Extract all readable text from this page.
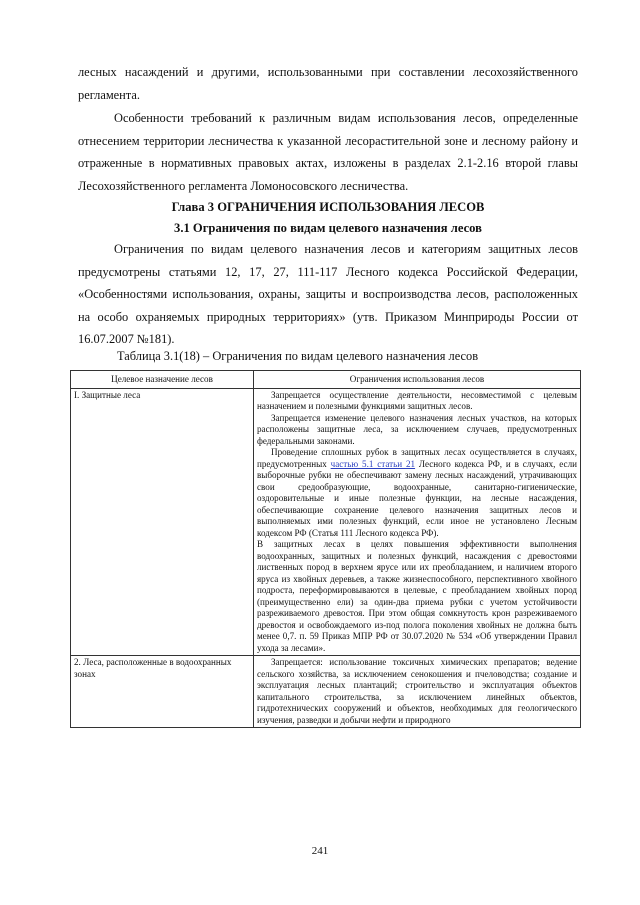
лесных насаждений и другими, использованными при составлении лесохозяйственного регламента.
Особенности требований к различным видам использования лесов, определенные отнесением территории лесничества к указанной лесорастительной зоне и лесному району и отраженные в нормативных правовых актах, изложены в разделах 2.1-2.16 второй главы Лесохозяйственного регламента Ломоносовского лесничества.
Глава 3 ОГРАНИЧЕНИЯ ИСПОЛЬЗОВАНИЯ ЛЕСОВ
3.1 Ограничения по видам целевого назначения лесов
Ограничения по видам целевого назначения лесов и категориям защитных лесов предусмотрены статьями 12, 17, 27, 111-117 Лесного кодекса Российской Федерации, «Особенностями использования, охраны, защиты и воспроизводства лесов, расположенных на особо охраняемых природных территориях» (утв. Приказом Минприроды России от 16.07.2007 №181).
Таблица 3.1(18) – Ограничения по видам целевого назначения лесов
Целевое назначение лесов	Ограничения использования лесов
I. Защитные леса	Запрещается осуществление деятельности, несовместимой с целевым назначением и полезными функциями защитных лесов.

Запрещается изменение целевого назначения лесных участков, на которых расположены защитные леса, за исключением случаев, предусмотренных федеральными законами.

Проведение сплошных рубок в защитных лесах осуществляется в случаях, предусмотренных частью 5.1 статьи 21 Лесного кодекса РФ, и в случаях, если выборочные рубки не обеспечивают замену лесных насаждений, утрачивающих свои средообразующие, водоохранные, санитарно-гигиенические, оздоровительные и иные полезные функции, на лесные насаждения, обеспечивающие сохранение целевого назначения защитных лесов и выполняемых ими полезных функций, если иное не установлено Лесным кодексом РФ (Статья 111 Лесного кодекса РФ).

В защитных лесах в целях повышения эффективности выполнения водоохранных, защитных и полезных функций, насаждения с древостоями лиственных пород в верхнем ярусе или их преобладанием, и наличием второго яруса из хвойных деревьев, а также жизнеспособного, перспективного хвойного подроста, переформировываются в целевые, с преобладанием хвойных пород (преимущественно ели) за один-два приема рубки с учетом устойчивости разреживаемого древостоя. При этом общая сомкнутость крон разреживаемого древостоя и освобождаемого из-под полога поколения хвойных не должна быть менее 0,7. п. 59 Приказ МПР РФ от 30.07.2020 № 534 «Об утверждении Правил ухода за лесами».

2. Леса, расположенные в водоохранных зонах	Запрещается: использование токсичных химических препаратов; ведение сельского хозяйства, за исключением сенокошения и пчеловодства; создание и эксплуатация лесных плантаций; строительство и эксплуатация объектов капитального строительства, за исключением линейных объектов, гидротехнических сооружений и объектов, необходимых для геологического изучения, разведки и добычи нефти и природного

241
